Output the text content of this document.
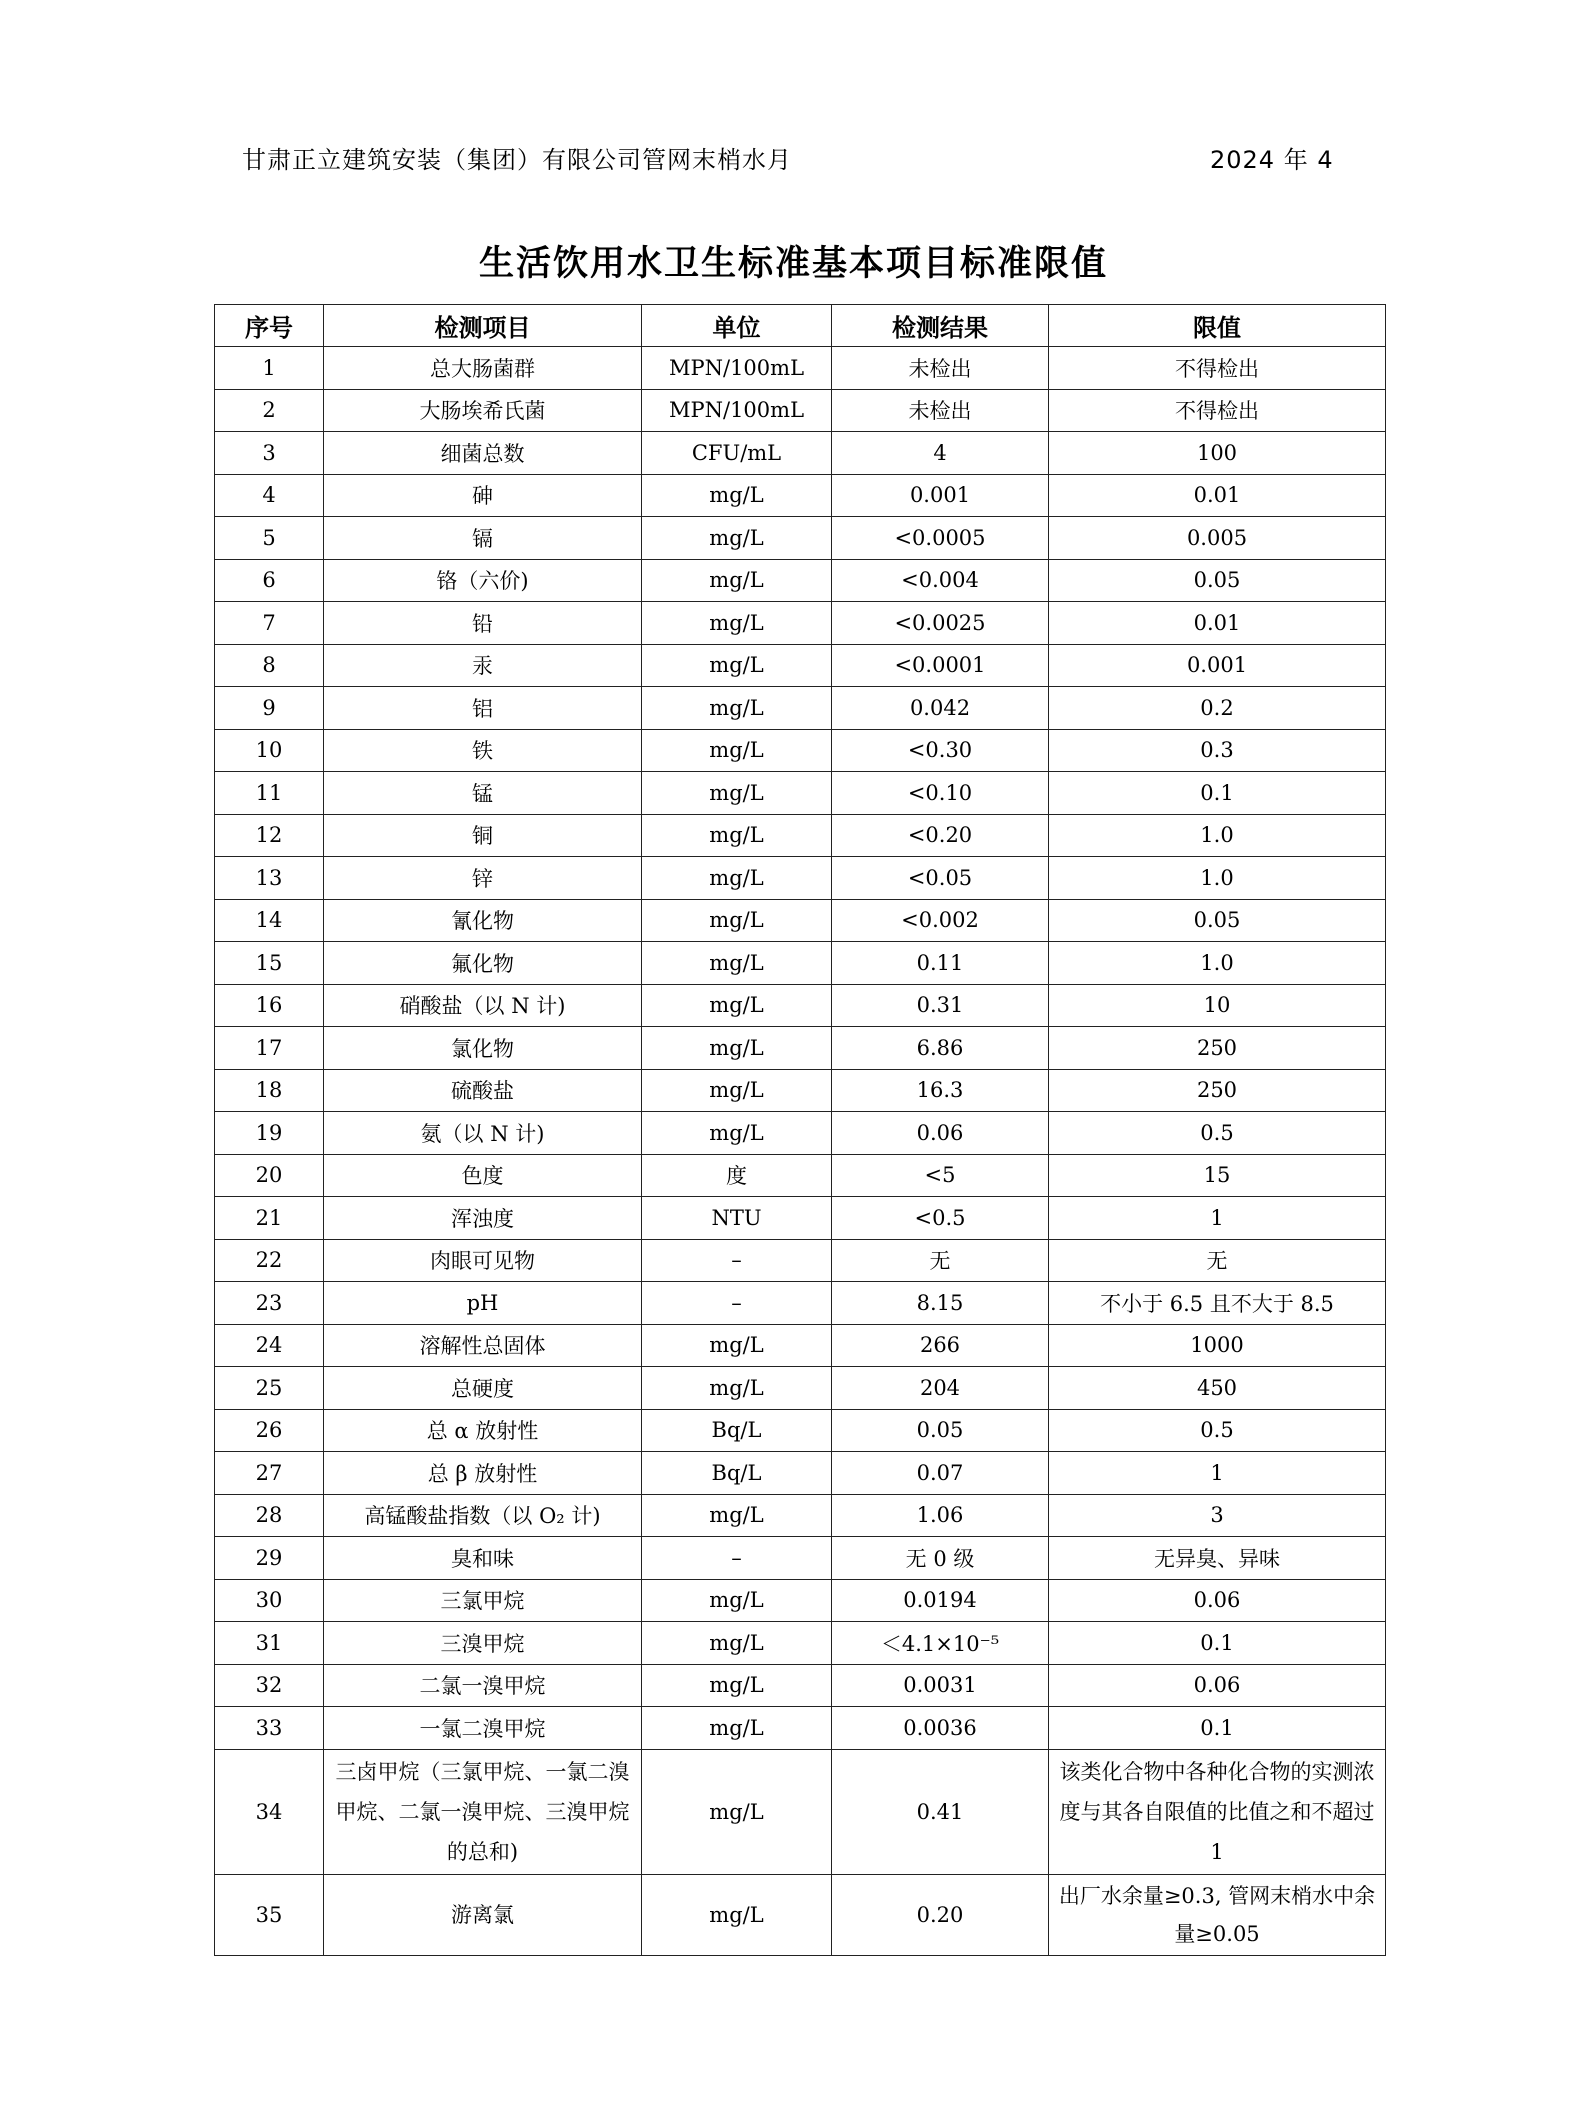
甘肃正立建筑安装（集团）有限公司管网末梢水月	2024 年 4
生活饮用水卫生标准基本项目标准限值
序号	检测项目	单位	检测结果	限值
1	总大肠菌群	MPN/100mL	未检出	不得检出
2	大肠埃希氏菌	MPN/100mL	未检出	不得检出
3	细菌总数	CFU/mL	4	100
4	砷	mg/L	0.001	0.01
5	镉	mg/L	<0.0005	0.005
6	铬（六价)	mg/L	<0.004	0.05
7	铅	mg/L	<0.0025	0.01
8	汞	mg/L	<0.0001	0.001
9	铝	mg/L	0.042	0.2
10	铁	mg/L	<0.30	0.3
11	锰	mg/L	<0.10	0.1
12	铜	mg/L	<0.20	1.0
13	锌	mg/L	<0.05	1.0
14	氰化物	mg/L	<0.002	0.05
15	氟化物	mg/L	0.11	1.0
16	硝酸盐（以 N 计)	mg/L	0.31	10
17	氯化物	mg/L	6.86	250
18	硫酸盐	mg/L	16.3	250
19	氨（以 N 计)	mg/L	0.06	0.5
20	色度	度	<5	15
21	浑浊度	NTU	<0.5	1
22	肉眼可见物	–	无	无
23	pH	–	8.15	不小于 6.5 且不大于 8.5
24	溶解性总固体	mg/L	266	1000
25	总硬度	mg/L	204	450
26	总 α 放射性	Bq/L	0.05	0.5
27	总 β 放射性	Bq/L	0.07	1
28	高锰酸盐指数（以 O₂ 计)	mg/L	1.06	3
29	臭和味	–	无 0 级	无异臭、异味
30	三氯甲烷	mg/L	0.0194	0.06
31	三溴甲烷	mg/L	＜4.1×10⁻⁵	0.1
32	二氯一溴甲烷	mg/L	0.0031	0.06
33	一氯二溴甲烷	mg/L	0.0036	0.1
34	三卤甲烷（三氯甲烷、一氯二溴甲烷、二氯一溴甲烷、三溴甲烷的总和)	mg/L	0.41	该类化合物中各种化合物的实测浓度与其各自限值的比值之和不超过 1
35	游离氯	mg/L	0.20	出厂水余量≥0.3, 管网末梢水中余量≥0.05
